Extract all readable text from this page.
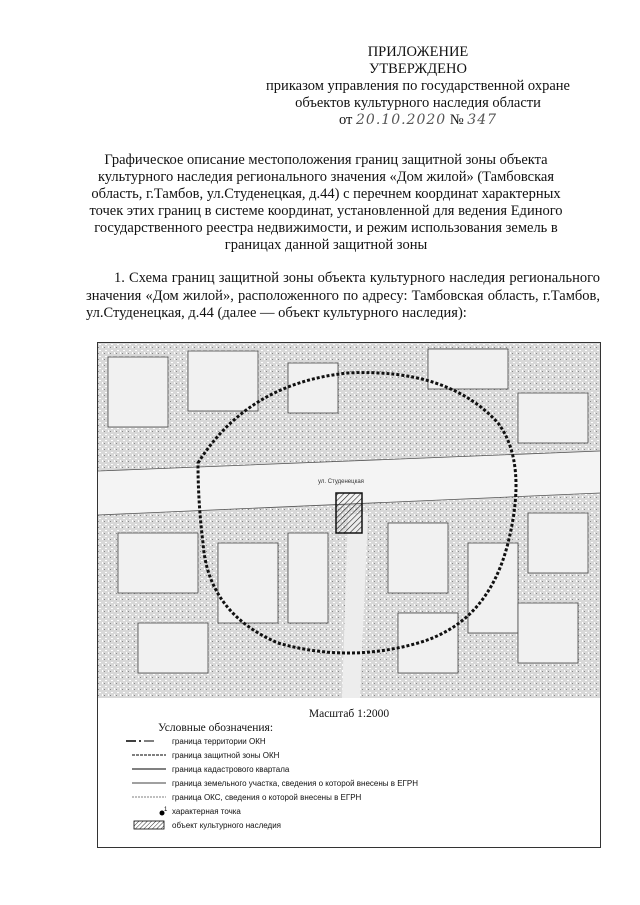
ПРИЛОЖЕНИЕ
УТВЕРЖДЕНО
приказом управления по государственной охране
объектов культурного наследия области
от 20.10.2020 № 347
Графическое описание местоположения границ защитной зоны объекта культурного наследия регионального значения «Дом жилой» (Тамбовская область, г.Тамбов, ул.Студенецкая, д.44) с перечнем координат характерных точек этих границ в системе координат, установленной для ведения Единого государственного реестра недвижимости, и режим использования земель в границах данной защитной зоны
1. Схема границ защитной зоны объекта культурного наследия регионального значения «Дом жилой», расположенного по адресу: Тамбовская область, г.Тамбов, ул.Студенецкая, д.44 (далее — объект культурного наследия):
ул. Студенецкая
Масштаб 1:2000
Условные обозначения:
граница территории ОКН
граница защитной зоны ОКН
граница кадастрового квартала
граница земельного участка, сведения о которой внесены в ЕГРН
граница ОКС, сведения о которой внесены в ЕГРН
1 характерная точка
объект культурного наследия
